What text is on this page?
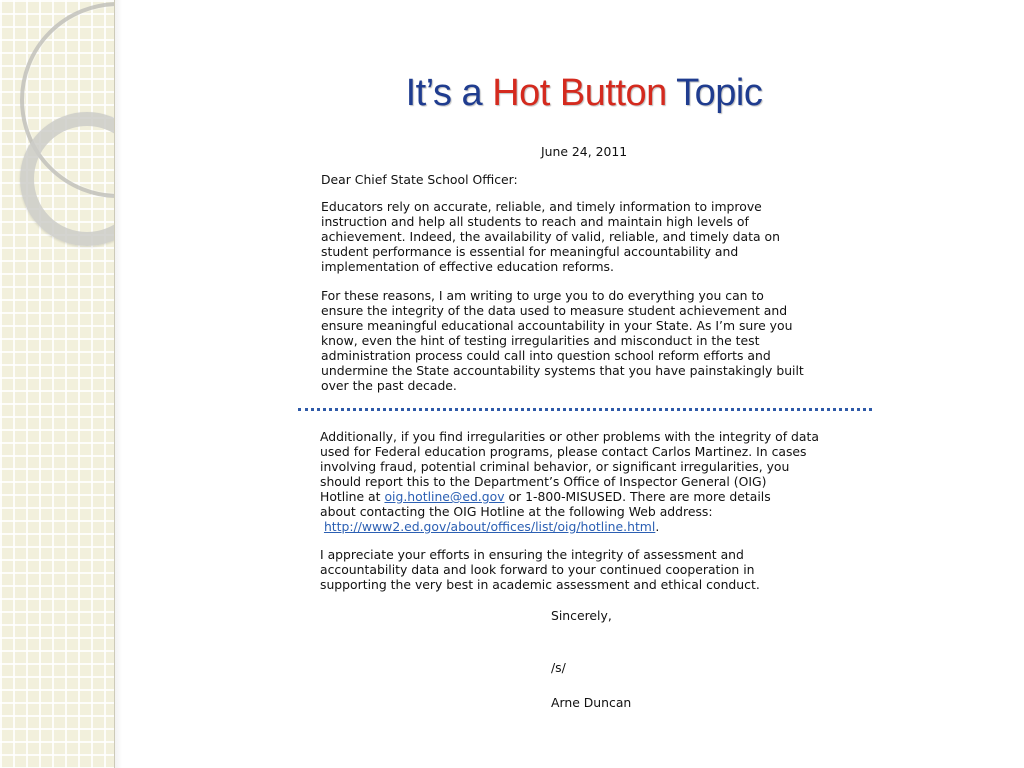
It’s a Hot Button Topic
June 24, 2011
Dear Chief State School Officer:
Educators rely on accurate, reliable, and timely information to improve
instruction and help all students to reach and maintain high levels of
achievement. Indeed, the availability of valid, reliable, and timely data on
student performance is essential for meaningful accountability and
implementation of effective education reforms.
For these reasons, I am writing to urge you to do everything you can to
ensure the integrity of the data used to measure student achievement and
ensure meaningful educational accountability in your State. As I’m sure you
know, even the hint of testing irregularities and misconduct in the test
administration process could call into question school reform efforts and
undermine the State accountability systems that you have painstakingly built
over the past decade.
Additionally, if you find irregularities or other problems with the integrity of data
used for Federal education programs, please contact Carlos Martinez. In cases
involving fraud, potential criminal behavior, or significant irregularities, you
should report this to the Department’s Office of Inspector General (OIG)
Hotline at oig.hotline@ed.gov or 1-800-MISUSED. There are more details
about contacting the OIG Hotline at the following Web address:
http://www2.ed.gov/about/offices/list/oig/hotline.html.
I appreciate your efforts in ensuring the integrity of assessment and
accountability data and look forward to your continued cooperation in
supporting the very best in academic assessment and ethical conduct.
Sincerely,
/s/
Arne Duncan
